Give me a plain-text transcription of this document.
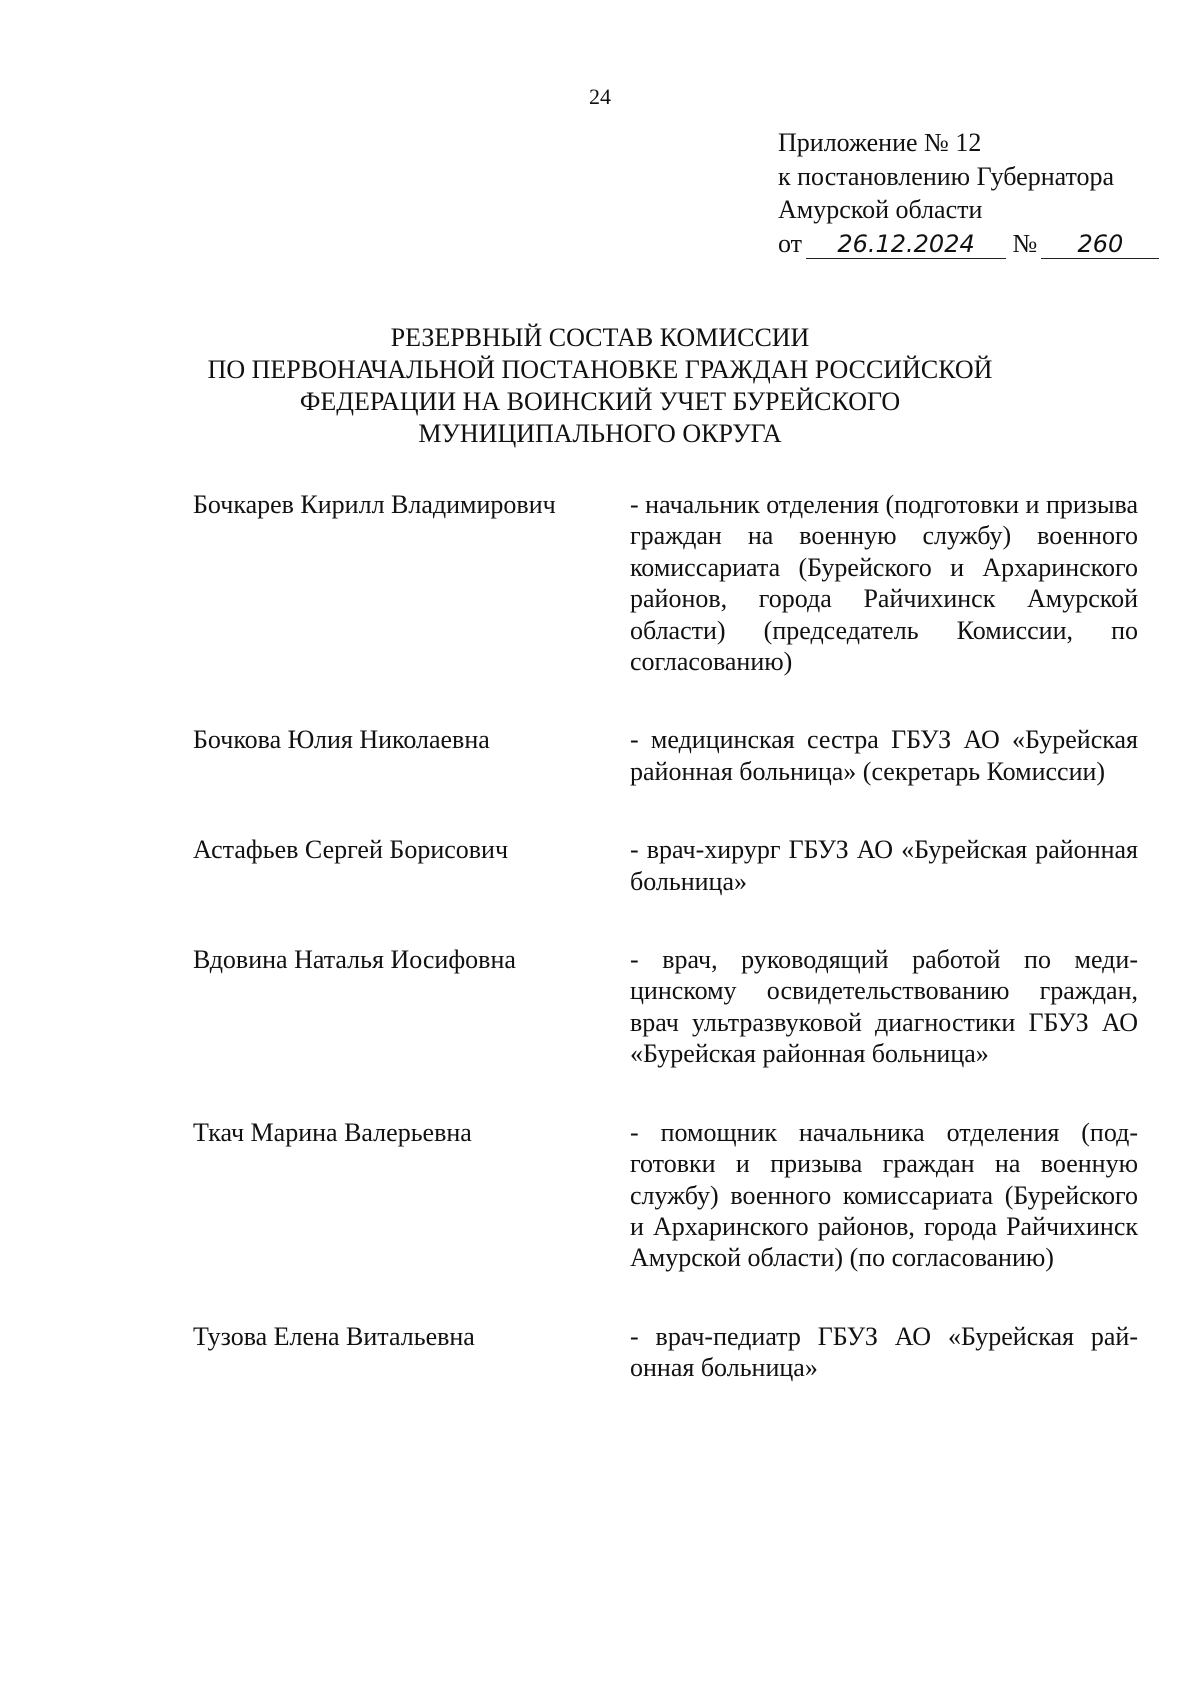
24
Приложение № 12
к постановлению Губернатора
Амурской области
от 26.12.2024 № 260
РЕЗЕРВНЫЙ СОСТАВ КОМИССИИ
ПО ПЕРВОНАЧАЛЬНОЙ ПОСТАНОВКЕ ГРАЖДАН РОССИЙСКОЙ
ФЕДЕРАЦИИ НА ВОИНСКИЙ УЧЕТ БУРЕЙСКОГО
МУНИЦИПАЛЬНОГО ОКРУГА
Бочкарев Кирилл Владимирович	- начальник отделения (подготовки и призыва граждан на военную службу) военного комиссариата (Бурейского и Архаринского районов, города Райчихинск Амурской области) (председатель Комиссии, по согласованию)
Бочкова Юлия Николаевна	- медицинская сестра ГБУЗ АО «Бурейская районная больница» (секретарь Комиссии)
Астафьев Сергей Борисович	- врач-хирург ГБУЗ АО «Бурейская районная больница»
Вдовина Наталья Иосифовна	- врач, руководящий работой по медицинскому освидетельствованию граждан, врач ультразвуковой диагностики ГБУЗ АО «Бурейская районная больница»
Ткач Марина Валерьевна	- помощник начальника отделения (подготовки и призыва граждан на военную службу) военного комиссариата (Бурейского и Архаринского районов, города Райчихинск Амурской области) (по согласованию)
Тузова Елена Витальевна	- врач-педиатр ГБУЗ АО «Бурейская районная больница»
